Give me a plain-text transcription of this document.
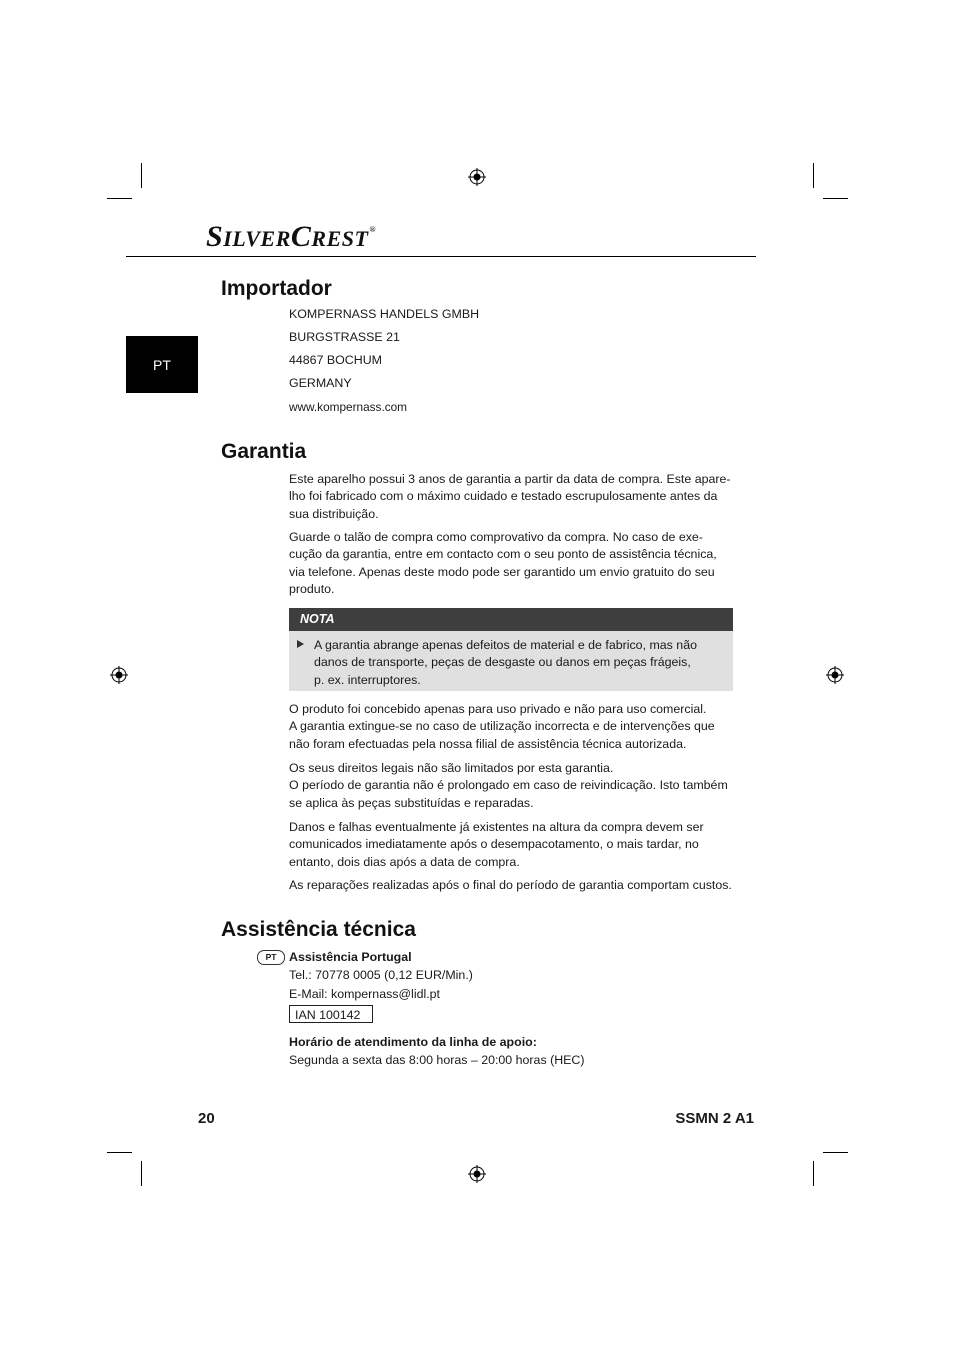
SILVERCREST®
PT
Importador

KOMPERNASS HANDELS GMBH

BURGSTRASSE 21

44867 BOCHUM

GERMANY

www.kompernass.com

Garantia
Este aparelho possui 3 anos de garantia a partir da data de compra. Este apare-
lho foi fabricado com o máximo cuidado e testado escrupulosamente antes da
sua distribuição.
Guarde o talão de compra como comprovativo da compra. No caso de exe-
cução da garantia, entre em contacto com o seu ponto de assistência técnica,
via telefone. Apenas deste modo pode ser garantido um envio gratuito do seu
produto.
NOTA
A garantia abrange apenas defeitos de material e de fabrico, mas não
danos de transporte, peças de desgaste ou danos em peças frágeis,
p. ex. interruptores.
O produto foi concebido apenas para uso privado e não para uso comercial.
A garantia extingue-se no caso de utilização incorrecta e de intervenções que
não foram efectuadas pela nossa filial de assistência técnica autorizada.
Os seus direitos legais não são limitados por esta garantia.
O período de garantia não é prolongado em caso de reivindicação. Isto também
se aplica às peças substituídas e reparadas.
Danos e falhas eventualmente já existentes na altura da compra devem ser
comunicados imediatamente após o desempacotamento, o mais tardar, no
entanto, dois dias após a data de compra.

As reparações realizadas após o final do período de garantia comportam custos.

Assistência técnica
PT	Assistência Portugal

Tel.: 70778 0005 (0,12 EUR/Min.)

E-Mail: kompernass@lidl.pt

IAN 100142

Horário de atendimento da linha de apoio:

Segunda a sexta das 8:00 horas – 20:00 horas (HEC)

20	SSMN 2 A1
